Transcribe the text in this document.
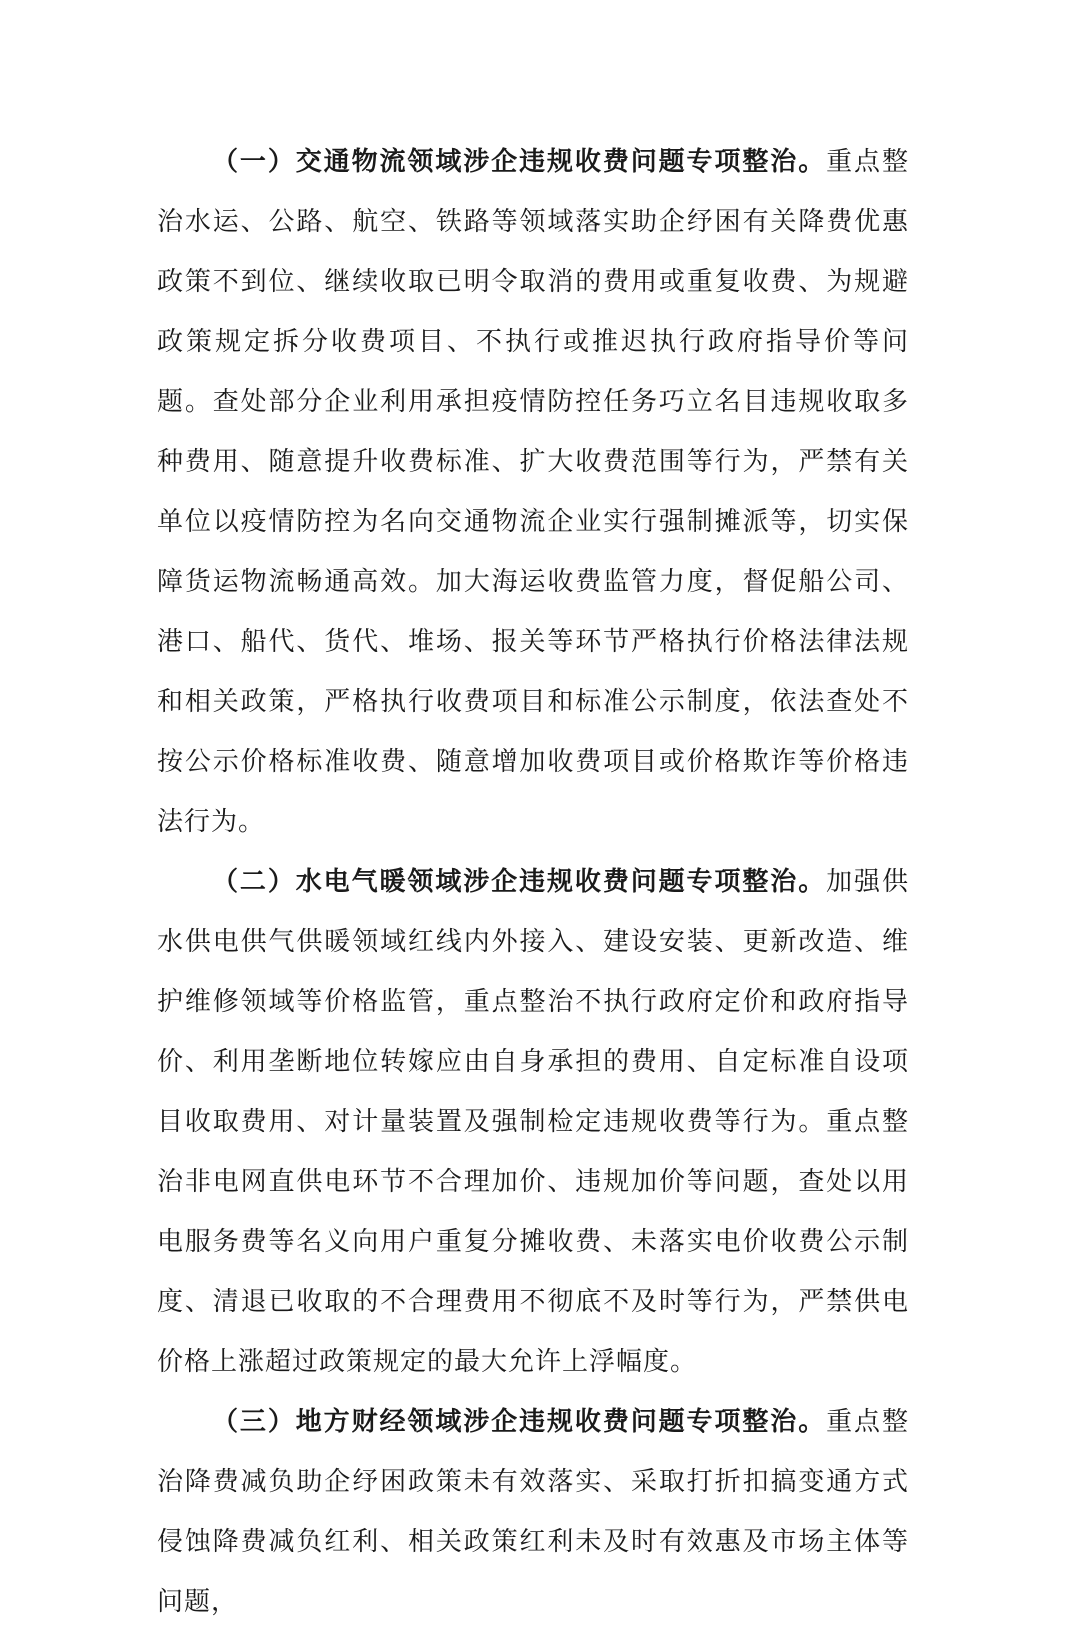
（一）交通物流领域涉企违规收费问题专项整治。重点整治水运、公路、航空、铁路等领域落实助企纾困有关降费优惠政策不到位、继续收取已明令取消的费用或重复收费、为规避政策规定拆分收费项目、不执行或推迟执行政府指导价等问题。查处部分企业利用承担疫情防控任务巧立名目违规收取多种费用、随意提升收费标准、扩大收费范围等行为，严禁有关单位以疫情防控为名向交通物流企业实行强制摊派等，切实保障货运物流畅通高效。加大海运收费监管力度，督促船公司、港口、船代、货代、堆场、报关等环节严格执行价格法律法规和相关政策，严格执行收费项目和标准公示制度，依法查处不按公示价格标准收费、随意增加收费项目或价格欺诈等价格违法行为。

（二）水电气暖领域涉企违规收费问题专项整治。加强供水供电供气供暖领域红线内外接入、建设安装、更新改造、维护维修领域等价格监管，重点整治不执行政府定价和政府指导价、利用垄断地位转嫁应由自身承担的费用、自定标准自设项目收取费用、对计量装置及强制检定违规收费等行为。重点整治非电网直供电环节不合理加价、违规加价等问题，查处以用电服务费等名义向用户重复分摊收费、未落实电价收费公示制度、清退已收取的不合理费用不彻底不及时等行为，严禁供电价格上涨超过政策规定的最大允许上浮幅度。

（三）地方财经领域涉企违规收费问题专项整治。重点整治降费减负助企纾困政策未有效落实、采取打折扣搞变通方式侵蚀降费减负红利、相关政策红利未及时有效惠及市场主体等问题，
